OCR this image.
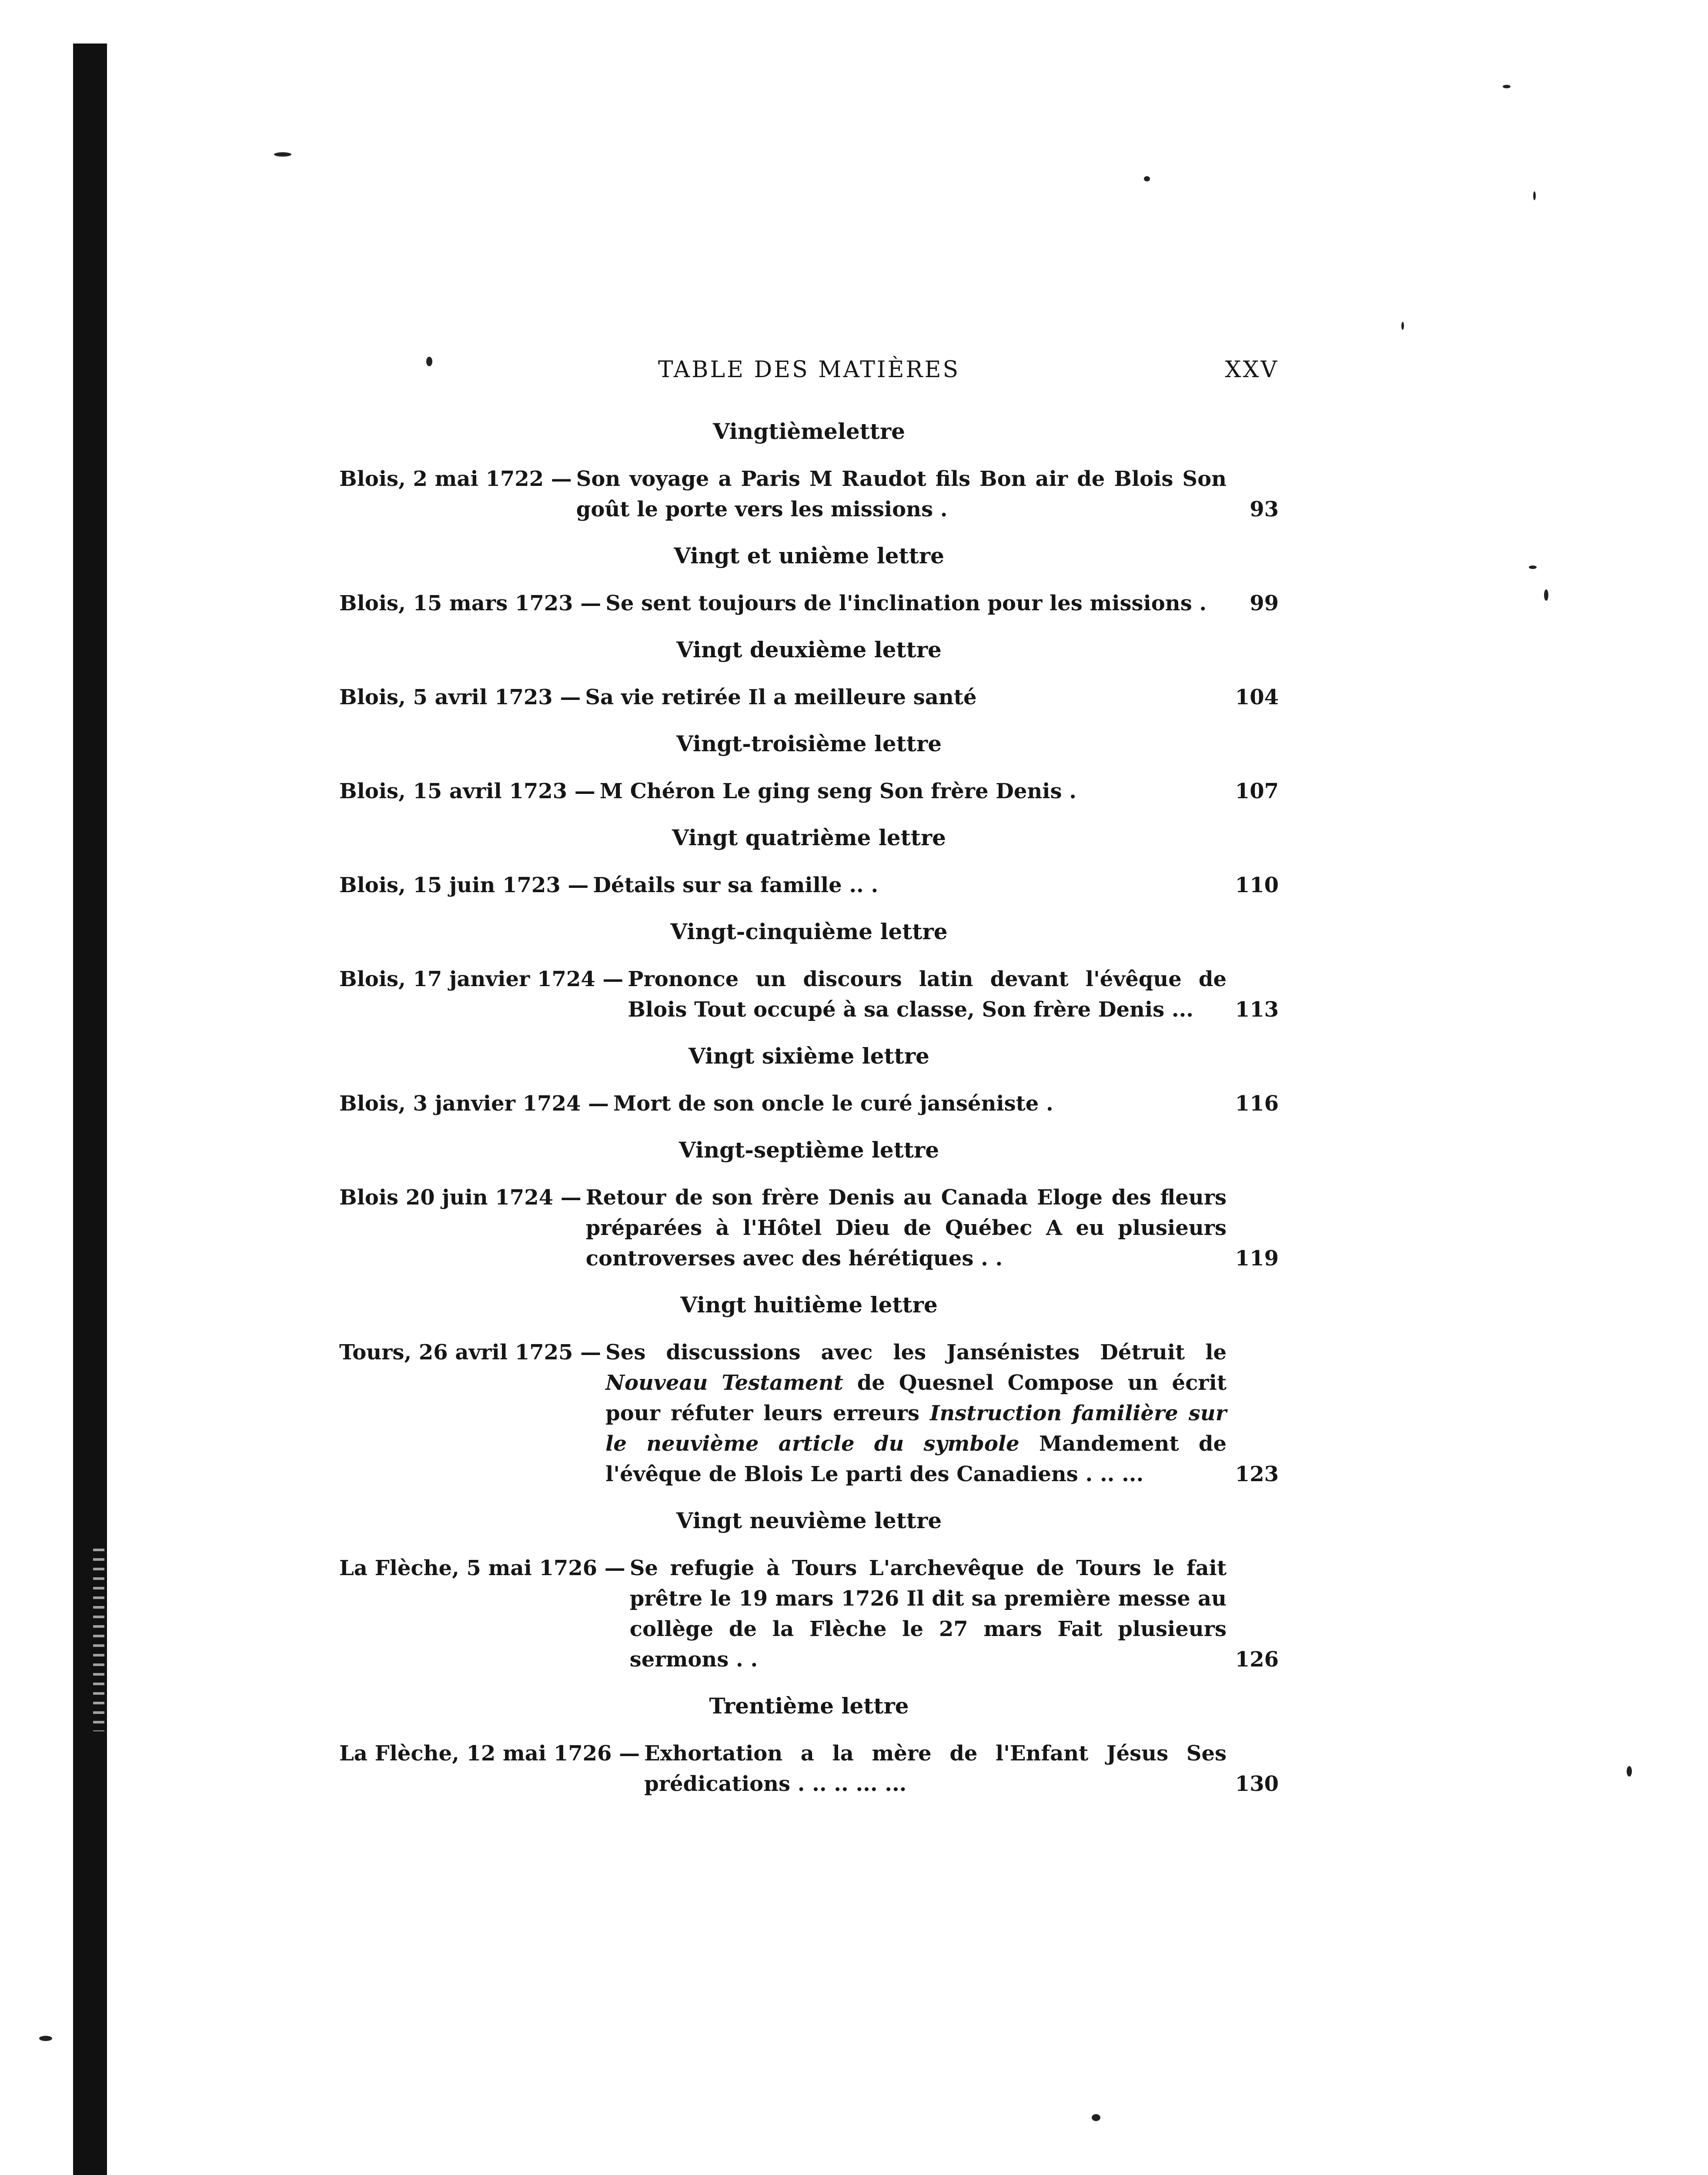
TABLE DES MATIÈRES	XXV
Vingtièmelettre
Blois, 2 mai 1722 — Son voyage a Paris M Raudot fils Bon air de Blois Son goût le porte vers les missions .	93
Vingt et unième lettre
Blois, 15 mars 1723 — Se sent toujours de l'inclination pour les missions .	99
Vingt deuxième lettre
Blois, 5 avril 1723 — Sa vie retirée Il a meilleure santé	104
Vingt-troisième lettre
Blois, 15 avril 1723 — M Chéron Le ging seng Son frère Denis .	107
Vingt quatrième lettre
Blois, 15 juin 1723 — Détails sur sa famille .. .	110
Vingt-cinquième lettre
Blois, 17 janvier 1724 — Prononce un discours latin devant l'évêque de Blois Tout occupé à sa classe, Son frère Denis ...	113
Vingt sixième lettre
Blois, 3 janvier 1724 — Mort de son oncle le curé janséniste .	116
Vingt-septième lettre
Blois 20 juin 1724 — Retour de son frère Denis au Canada Eloge des fleurs préparées à l'Hôtel Dieu de Québec A eu plusieurs controverses avec des hérétiques . .	119
Vingt huitième lettre
Tours, 26 avril 1725 — Ses discussions avec les Jansénistes Détruit le Nouveau Testament de Quesnel Compose un écrit pour réfuter leurs erreurs Instruction familière sur le neuvième article du symbole Mandement de l'évêque de Blois Le parti des Canadiens . .. ...	123
Vingt neuvième lettre
La Flèche, 5 mai 1726 — Se refugie à Tours L'archevêque de Tours le fait prêtre le 19 mars 1726 Il dit sa première messe au collège de la Flèche le 27 mars Fait plusieurs sermons . .	126
Trentième lettre
La Flèche, 12 mai 1726 — Exhortation a la mère de l'Enfant Jésus Ses prédications . .. .. ... ...	130
